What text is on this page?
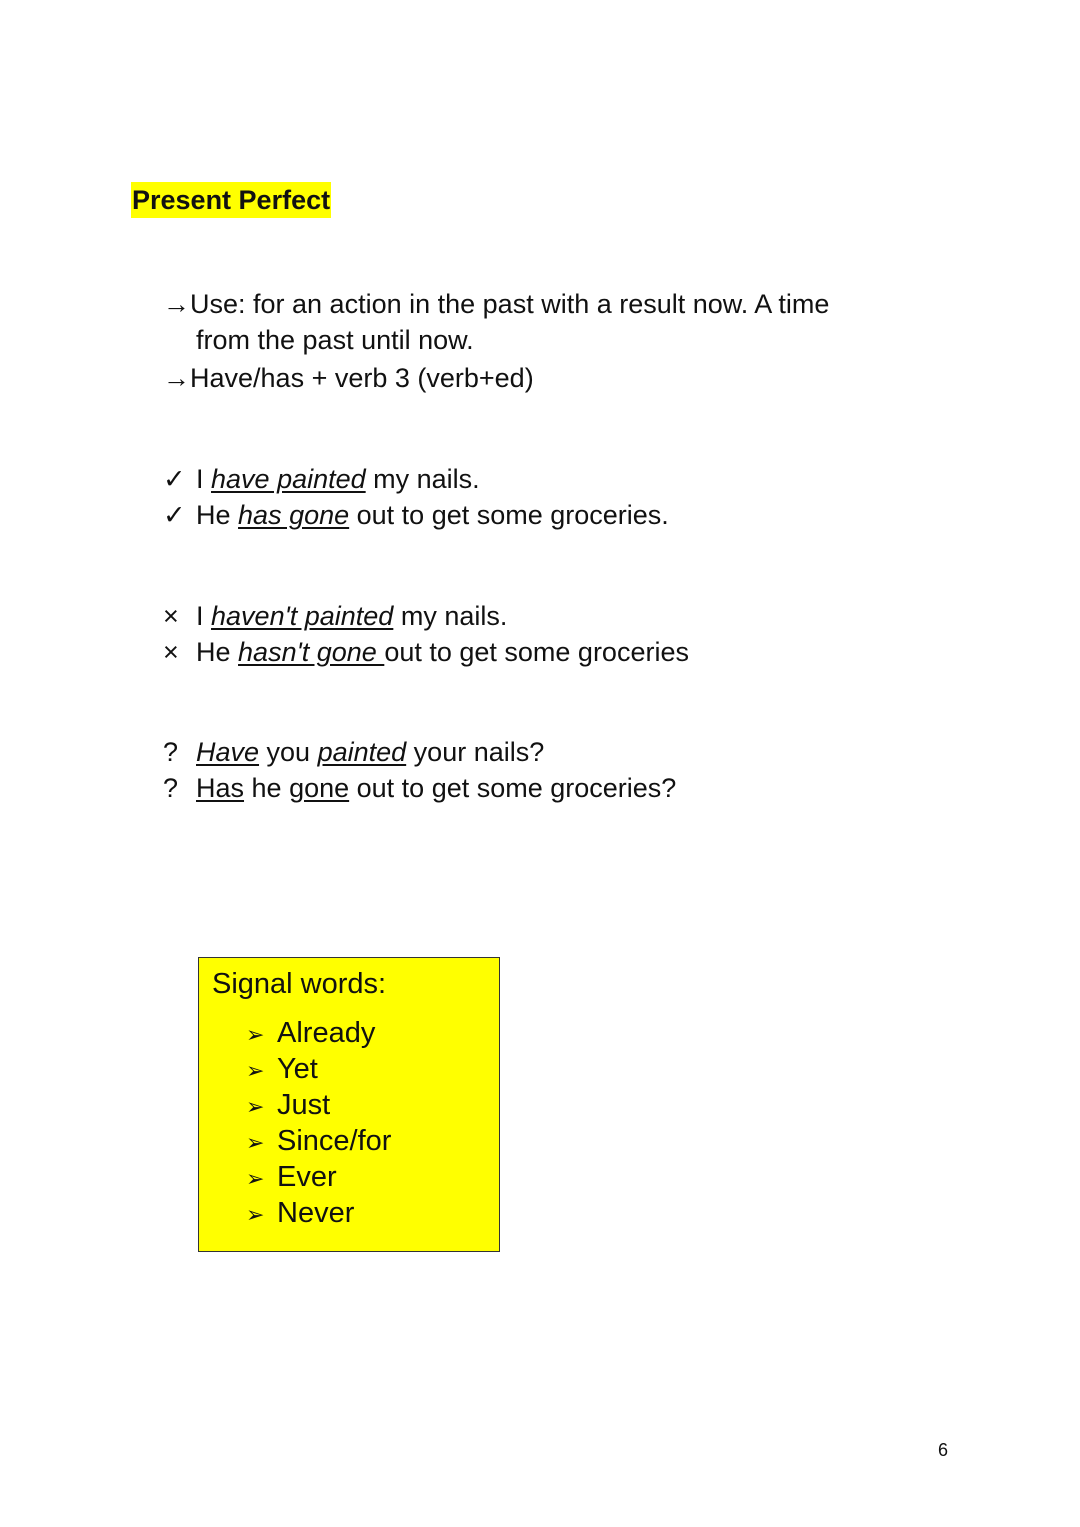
Present Perfect
→Use: for an action in the past with a result now. A time
from the past until now.
→Have/has + verb 3 (verb+ed)
✓ I have painted my nails.
✓ He has gone out to get some groceries.
× I haven't painted my nails.
× He hasn't gone out to get some groceries
? Have you painted your nails?
? Has he gone out to get some groceries?
Signal words:
➢ Already
➢ Yet
➢ Just
➢ Since/for
➢ Ever
➢ Never
6
